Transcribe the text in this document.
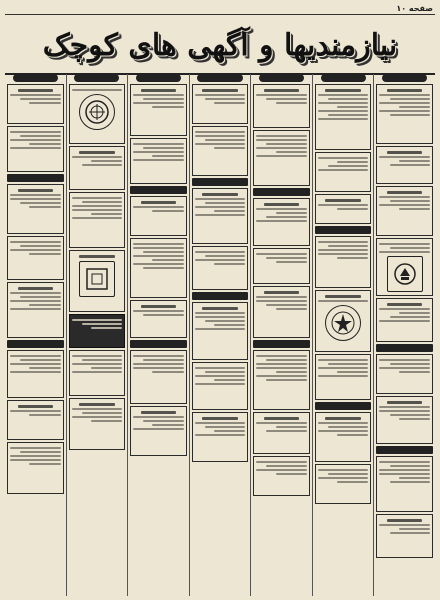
صفحه ۱۰
نیازمندیها و آگهی های کوچک
